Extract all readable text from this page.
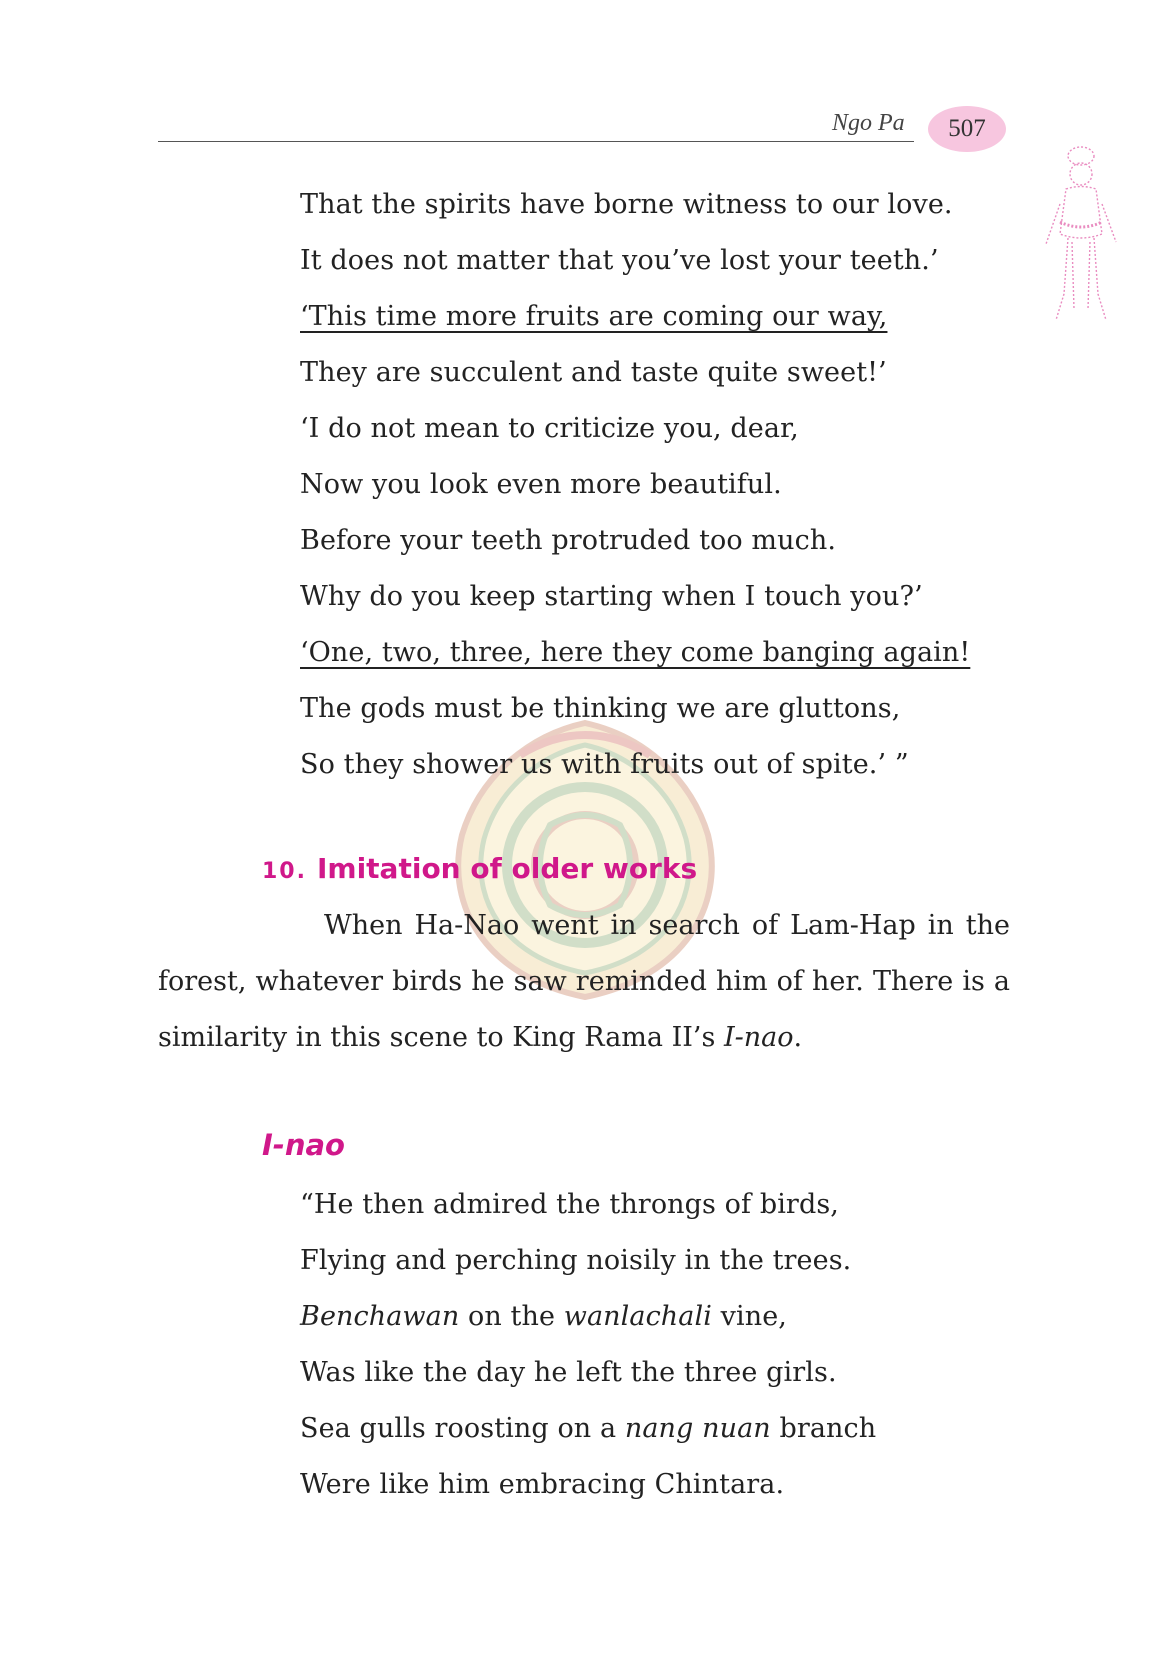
Ngo Pa 507
That the spirits have borne witness to our love.
It does not matter that you’ve lost your teeth.’
‘This time more fruits are coming our way,
They are succulent and taste quite sweet!’
‘I do not mean to criticize you, dear,
Now you look even more beautiful.
Before your teeth protruded too much.
Why do you keep starting when I touch you?’
‘One, two, three, here they come banging again!
The gods must be thinking we are gluttons,
So they shower us with fruits out of spite.’ ”
10. Imitation of older works
When Ha-Nao went in search of Lam-Hap in the forest, whatever birds he saw reminded him of her. There is a similarity in this scene to King Rama II’s I-nao.
I-nao
“He then admired the throngs of birds,
Flying and perching noisily in the trees.
Benchawan on the wanlachali vine,
Was like the day he left the three girls.
Sea gulls roosting on a nang nuan branch
Were like him embracing Chintara.
